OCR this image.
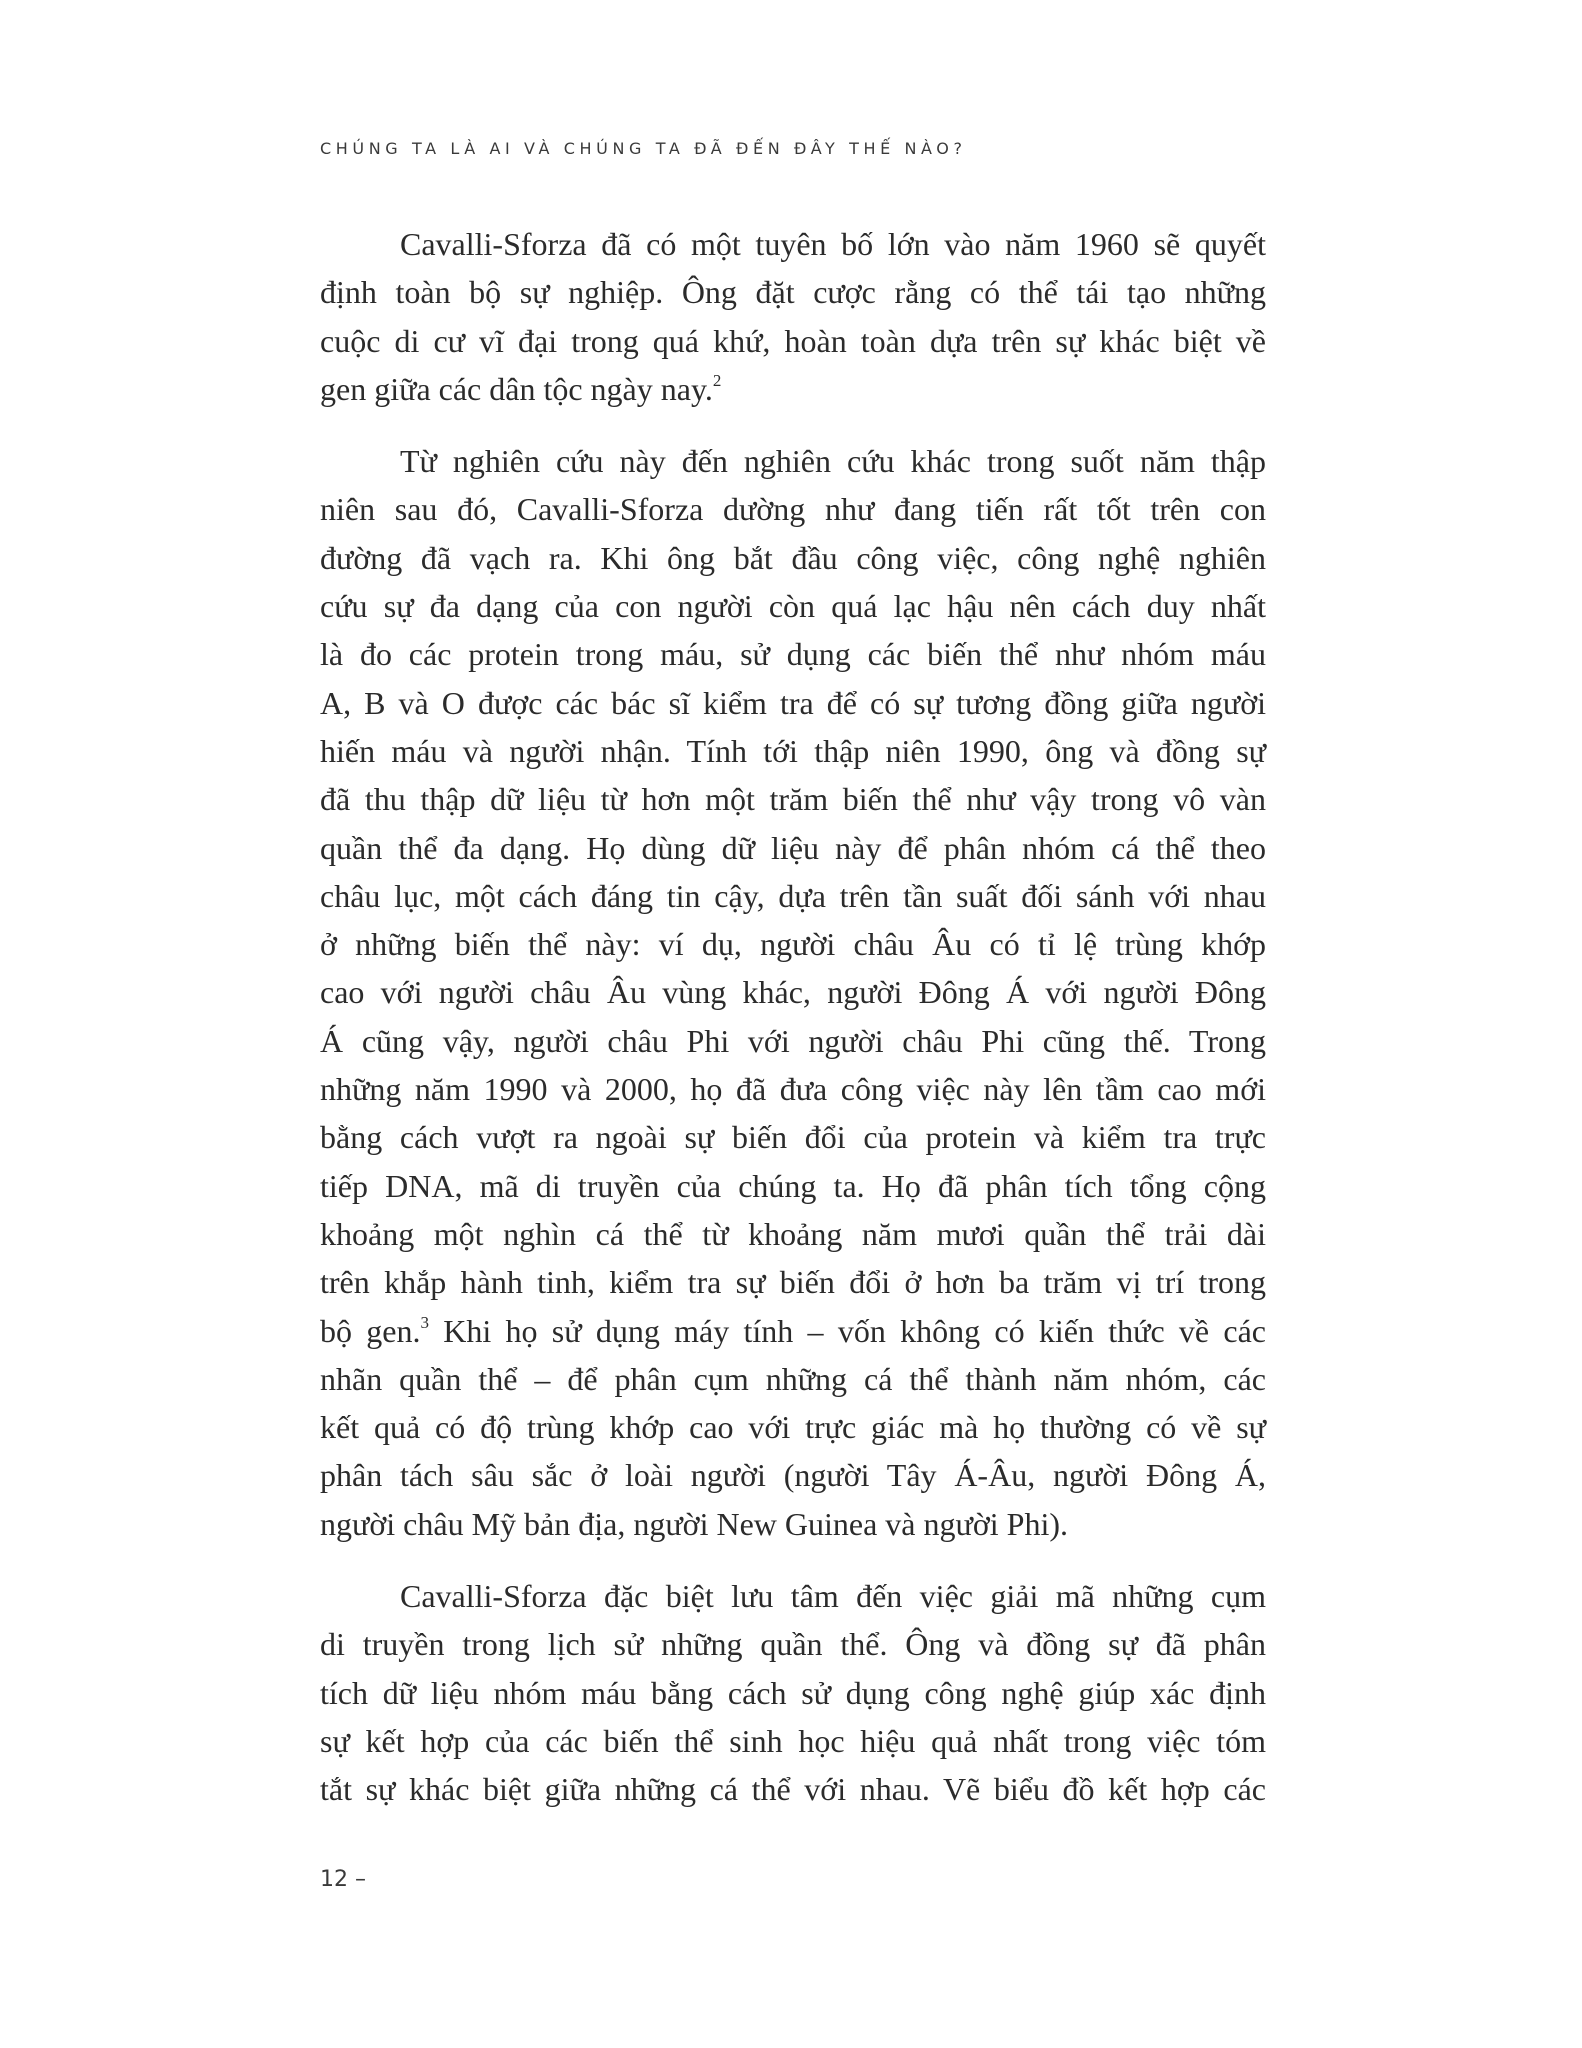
CHÚNG TA LÀ AI VÀ CHÚNG TA ĐÃ ĐẾN ĐÂY THẾ NÀO?
Cavalli-Sforza đã có một tuyên bố lớn vào năm 1960 sẽ quyết
định toàn bộ sự nghiệp. Ông đặt cược rằng có thể tái tạo những
cuộc di cư vĩ đại trong quá khứ, hoàn toàn dựa trên sự khác biệt về
gen giữa các dân tộc ngày nay.$^2$
Từ nghiên cứu này đến nghiên cứu khác trong suốt năm thập
niên sau đó, Cavalli-Sforza dường như đang tiến rất tốt trên con
đường đã vạch ra. Khi ông bắt đầu công việc, công nghệ nghiên
cứu sự đa dạng của con người còn quá lạc hậu nên cách duy nhất
là đo các protein trong máu, sử dụng các biến thể như nhóm máu
A, B và O được các bác sĩ kiểm tra để có sự tương đồng giữa người
hiến máu và người nhận. Tính tới thập niên 1990, ông và đồng sự
đã thu thập dữ liệu từ hơn một trăm biến thể như vậy trong vô vàn
quần thể đa dạng. Họ dùng dữ liệu này để phân nhóm cá thể theo
châu lục, một cách đáng tin cậy, dựa trên tần suất đối sánh với nhau
ở những biến thể này: ví dụ, người châu Âu có tỉ lệ trùng khớp
cao với người châu Âu vùng khác, người Đông Á với người Đông
Á cũng vậy, người châu Phi với người châu Phi cũng thế. Trong
những năm 1990 và 2000, họ đã đưa công việc này lên tầm cao mới
bằng cách vượt ra ngoài sự biến đổi của protein và kiểm tra trực
tiếp DNA, mã di truyền của chúng ta. Họ đã phân tích tổng cộng
khoảng một nghìn cá thể từ khoảng năm mươi quần thể trải dài
trên khắp hành tinh, kiểm tra sự biến đổi ở hơn ba trăm vị trí trong
bộ gen.$^3$ Khi họ sử dụng máy tính – vốn không có kiến thức về các
nhãn quần thể – để phân cụm những cá thể thành năm nhóm, các
kết quả có độ trùng khớp cao với trực giác mà họ thường có về sự
phân tách sâu sắc ở loài người (người Tây Á-Âu, người Đông Á,
người châu Mỹ bản địa, người New Guinea và người Phi).
Cavalli-Sforza đặc biệt lưu tâm đến việc giải mã những cụm
di truyền trong lịch sử những quần thể. Ông và đồng sự đã phân
tích dữ liệu nhóm máu bằng cách sử dụng công nghệ giúp xác định
sự kết hợp của các biến thể sinh học hiệu quả nhất trong việc tóm
tắt sự khác biệt giữa những cá thể với nhau. Vẽ biểu đồ kết hợp các
12 –
